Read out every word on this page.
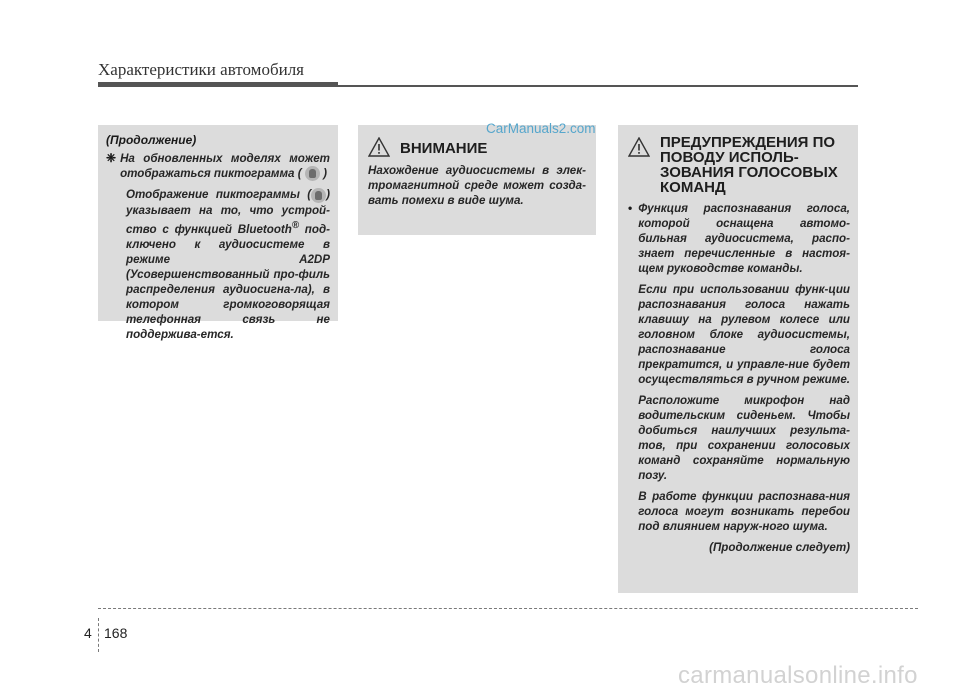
Характеристики автомобиля

(Продолжение)

❈ На обновленных моделях может отображаться пиктограмма ( )

Отображение пиктограммы ( ) указывает на то, что устрой-ство с функцией Bluetooth® под-ключено к аудиосистеме в режиме A2DP (Усовершенствованный про-филь распределения аудиосигна-ла), в котором громкоговорящая телефонная связь не поддержива-ется.

ВНИМАНИЕ

Нахождение аудиосистемы в элек-тромагнитной среде может созда-вать помехи в виде шума.

ПРЕДУПРЕЖДЕНИЯ ПО ПОВОДУ ИСПОЛЬ-ЗОВАНИЯ ГОЛОСОВЫХ КОМАНД

• Функция распознавания голоса, которой оснащена автомо-бильная аудиосистема, распо-знает перечисленные в настоя-щем руководстве команды.

Если при использовании функ-ции распознавания голоса нажать клавишу на рулевом колесе или головном блоке аудиосистемы, распознавание голоса прекратится, и управле-ние будет осуществляться в ручном режиме.

Расположите микрофон над водительским сиденьем. Чтобы добиться наилучших результа-тов, при сохранении голосовых команд сохраняйте нормальную позу.

В работе функции распознава-ния голоса могут возникать перебои под влиянием наруж-ного шума.

(Продолжение следует)

CarManuals2.com
4 168
carmanualsonline.info
